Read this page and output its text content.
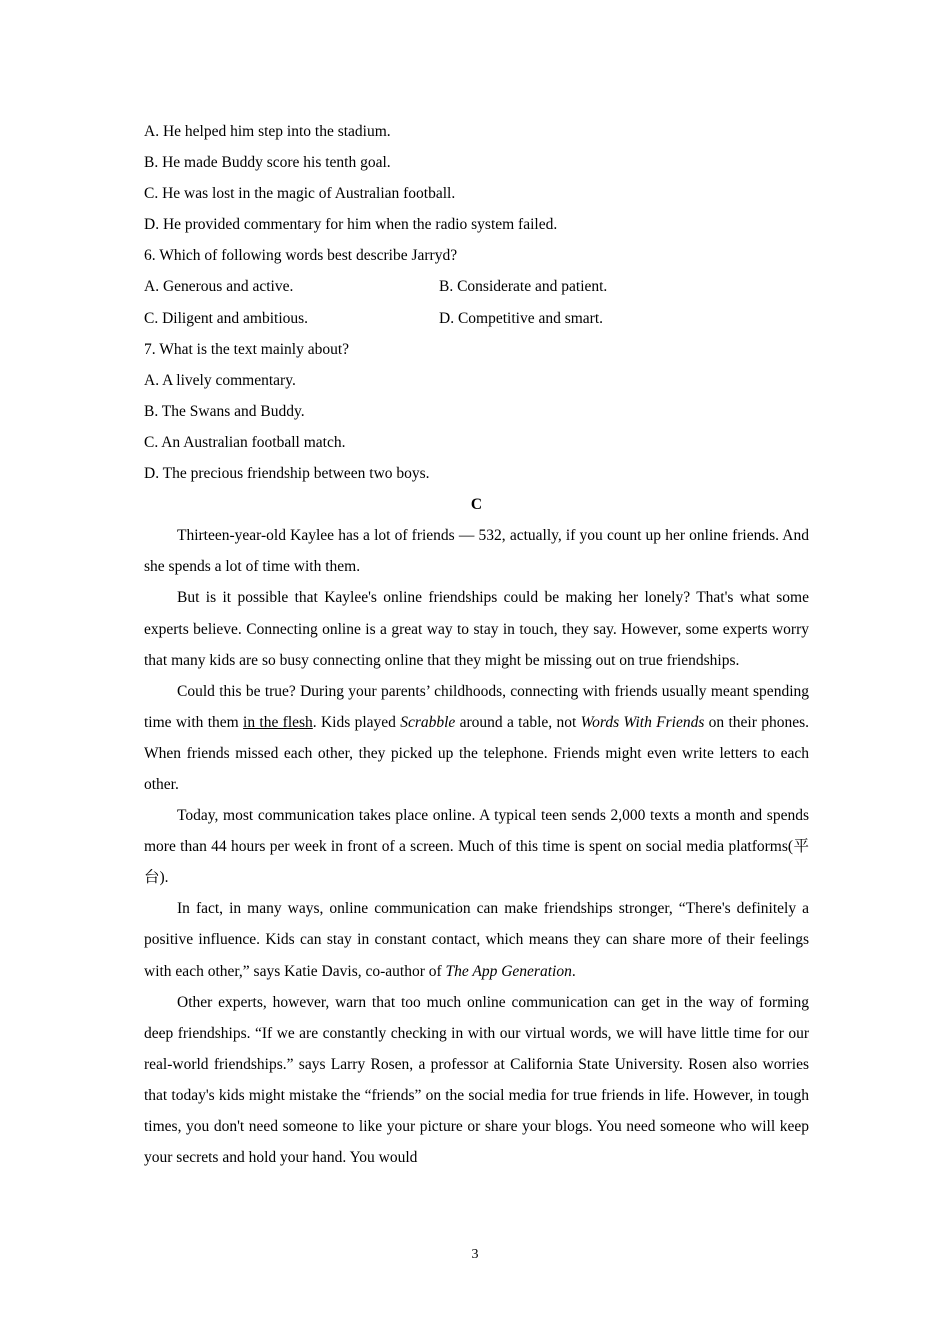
A. He helped him step into the stadium.
B. He made Buddy score his tenth goal.
C. He was lost in the magic of Australian football.
D. He provided commentary for him when the radio system failed.
6. Which of following words best describe Jarryd?
A. Generous and active.	B. Considerate and patient.
C. Diligent and ambitious.	D. Competitive and smart.
7. What is the text mainly about?
A. A lively commentary.
B. The Swans and Buddy.
C. An Australian football match.
D. The precious friendship between two boys.
C

Thirteen-year-old Kaylee has a lot of friends — 532, actually, if you count up her online friends. And she spends a lot of time with them.

But is it possible that Kaylee's online friendships could be making her lonely? That's what some experts believe. Connecting online is a great way to stay in touch, they say. However, some experts worry that many kids are so busy connecting online that they might be missing out on true friendships.

Could this be true? During your parents’ childhoods, connecting with friends usually meant spending time with them in the flesh. Kids played Scrabble around a table, not Words With Friends on their phones. When friends missed each other, they picked up the telephone. Friends might even write letters to each other.

Today, most communication takes place online. A typical teen sends 2,000 texts a month and spends more than 44 hours per week in front of a screen. Much of this time is spent on social media platforms(平台).

In fact, in many ways, online communication can make friendships stronger, “There's definitely a positive influence. Kids can stay in constant contact, which means they can share more of their feelings with each other,” says Katie Davis, co-author of The App Generation.

Other experts, however, warn that too much online communication can get in the way of forming deep friendships. “If we are constantly checking in with our virtual words, we will have little time for our real-world friendships.” says Larry Rosen, a professor at California State University. Rosen also worries that today's kids might mistake the “friends” on the social media for true friends in life. However, in tough times, you don't need someone to like your picture or share your blogs. You need someone who will keep your secrets and hold your hand. You would

3
